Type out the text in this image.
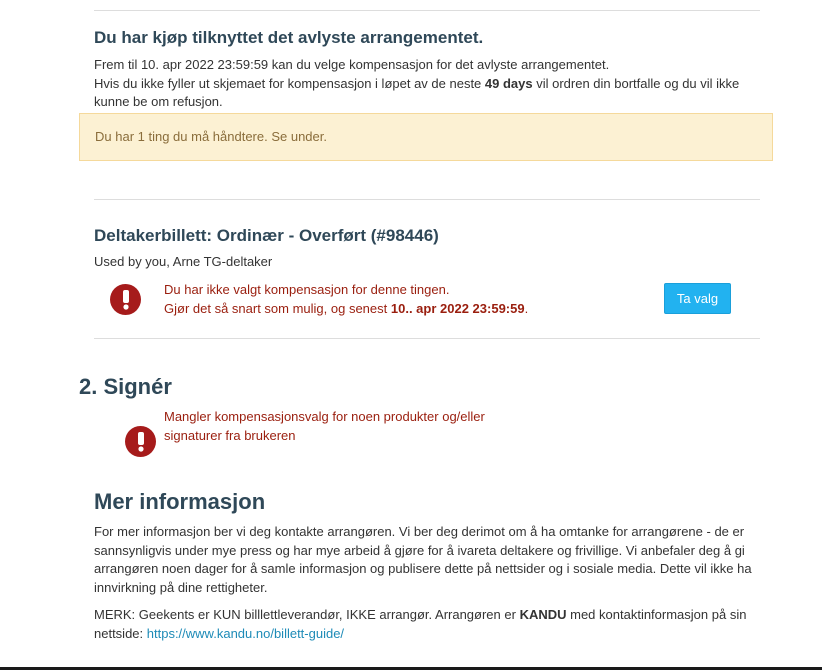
Du har kjøp tilknyttet det avlyste arrangementet.
Frem til 10. apr 2022 23:59:59 kan du velge kompensasjon for det avlyste arrangementet.
Hvis du ikke fyller ut skjemaet for kompensasjon i løpet av de neste 49 days vil ordren din bortfalle og du vil ikke kunne be om refusjon.
Du har 1 ting du må håndtere. Se under.
Deltakerbillett: Ordinær - Overført (#98446)
Used by you, Arne TG-deltaker
Du har ikke valgt kompensasjon for denne tingen.
Gjør det så snart som mulig, og senest 10.. apr 2022 23:59:59.
Ta valg
2. Signér
Mangler kompensasjonsvalg for noen produkter og/eller signaturer fra brukeren
Mer informasjon
For mer informasjon ber vi deg kontakte arrangøren. Vi ber deg derimot om å ha omtanke for arrangørene - de er sannsynligvis under mye press og har mye arbeid å gjøre for å ivareta deltakere og frivillige. Vi anbefaler deg å gi arrangøren noen dager for å samle informasjon og publisere dette på nettsider og i sosiale media. Dette vil ikke ha innvirkning på dine rettigheter.
MERK: Geekents er KUN billlettleverandør, IKKE arrangør. Arrangøren er KANDU med kontaktinformasjon på sin nettside: https://www.kandu.no/billett-guide/
